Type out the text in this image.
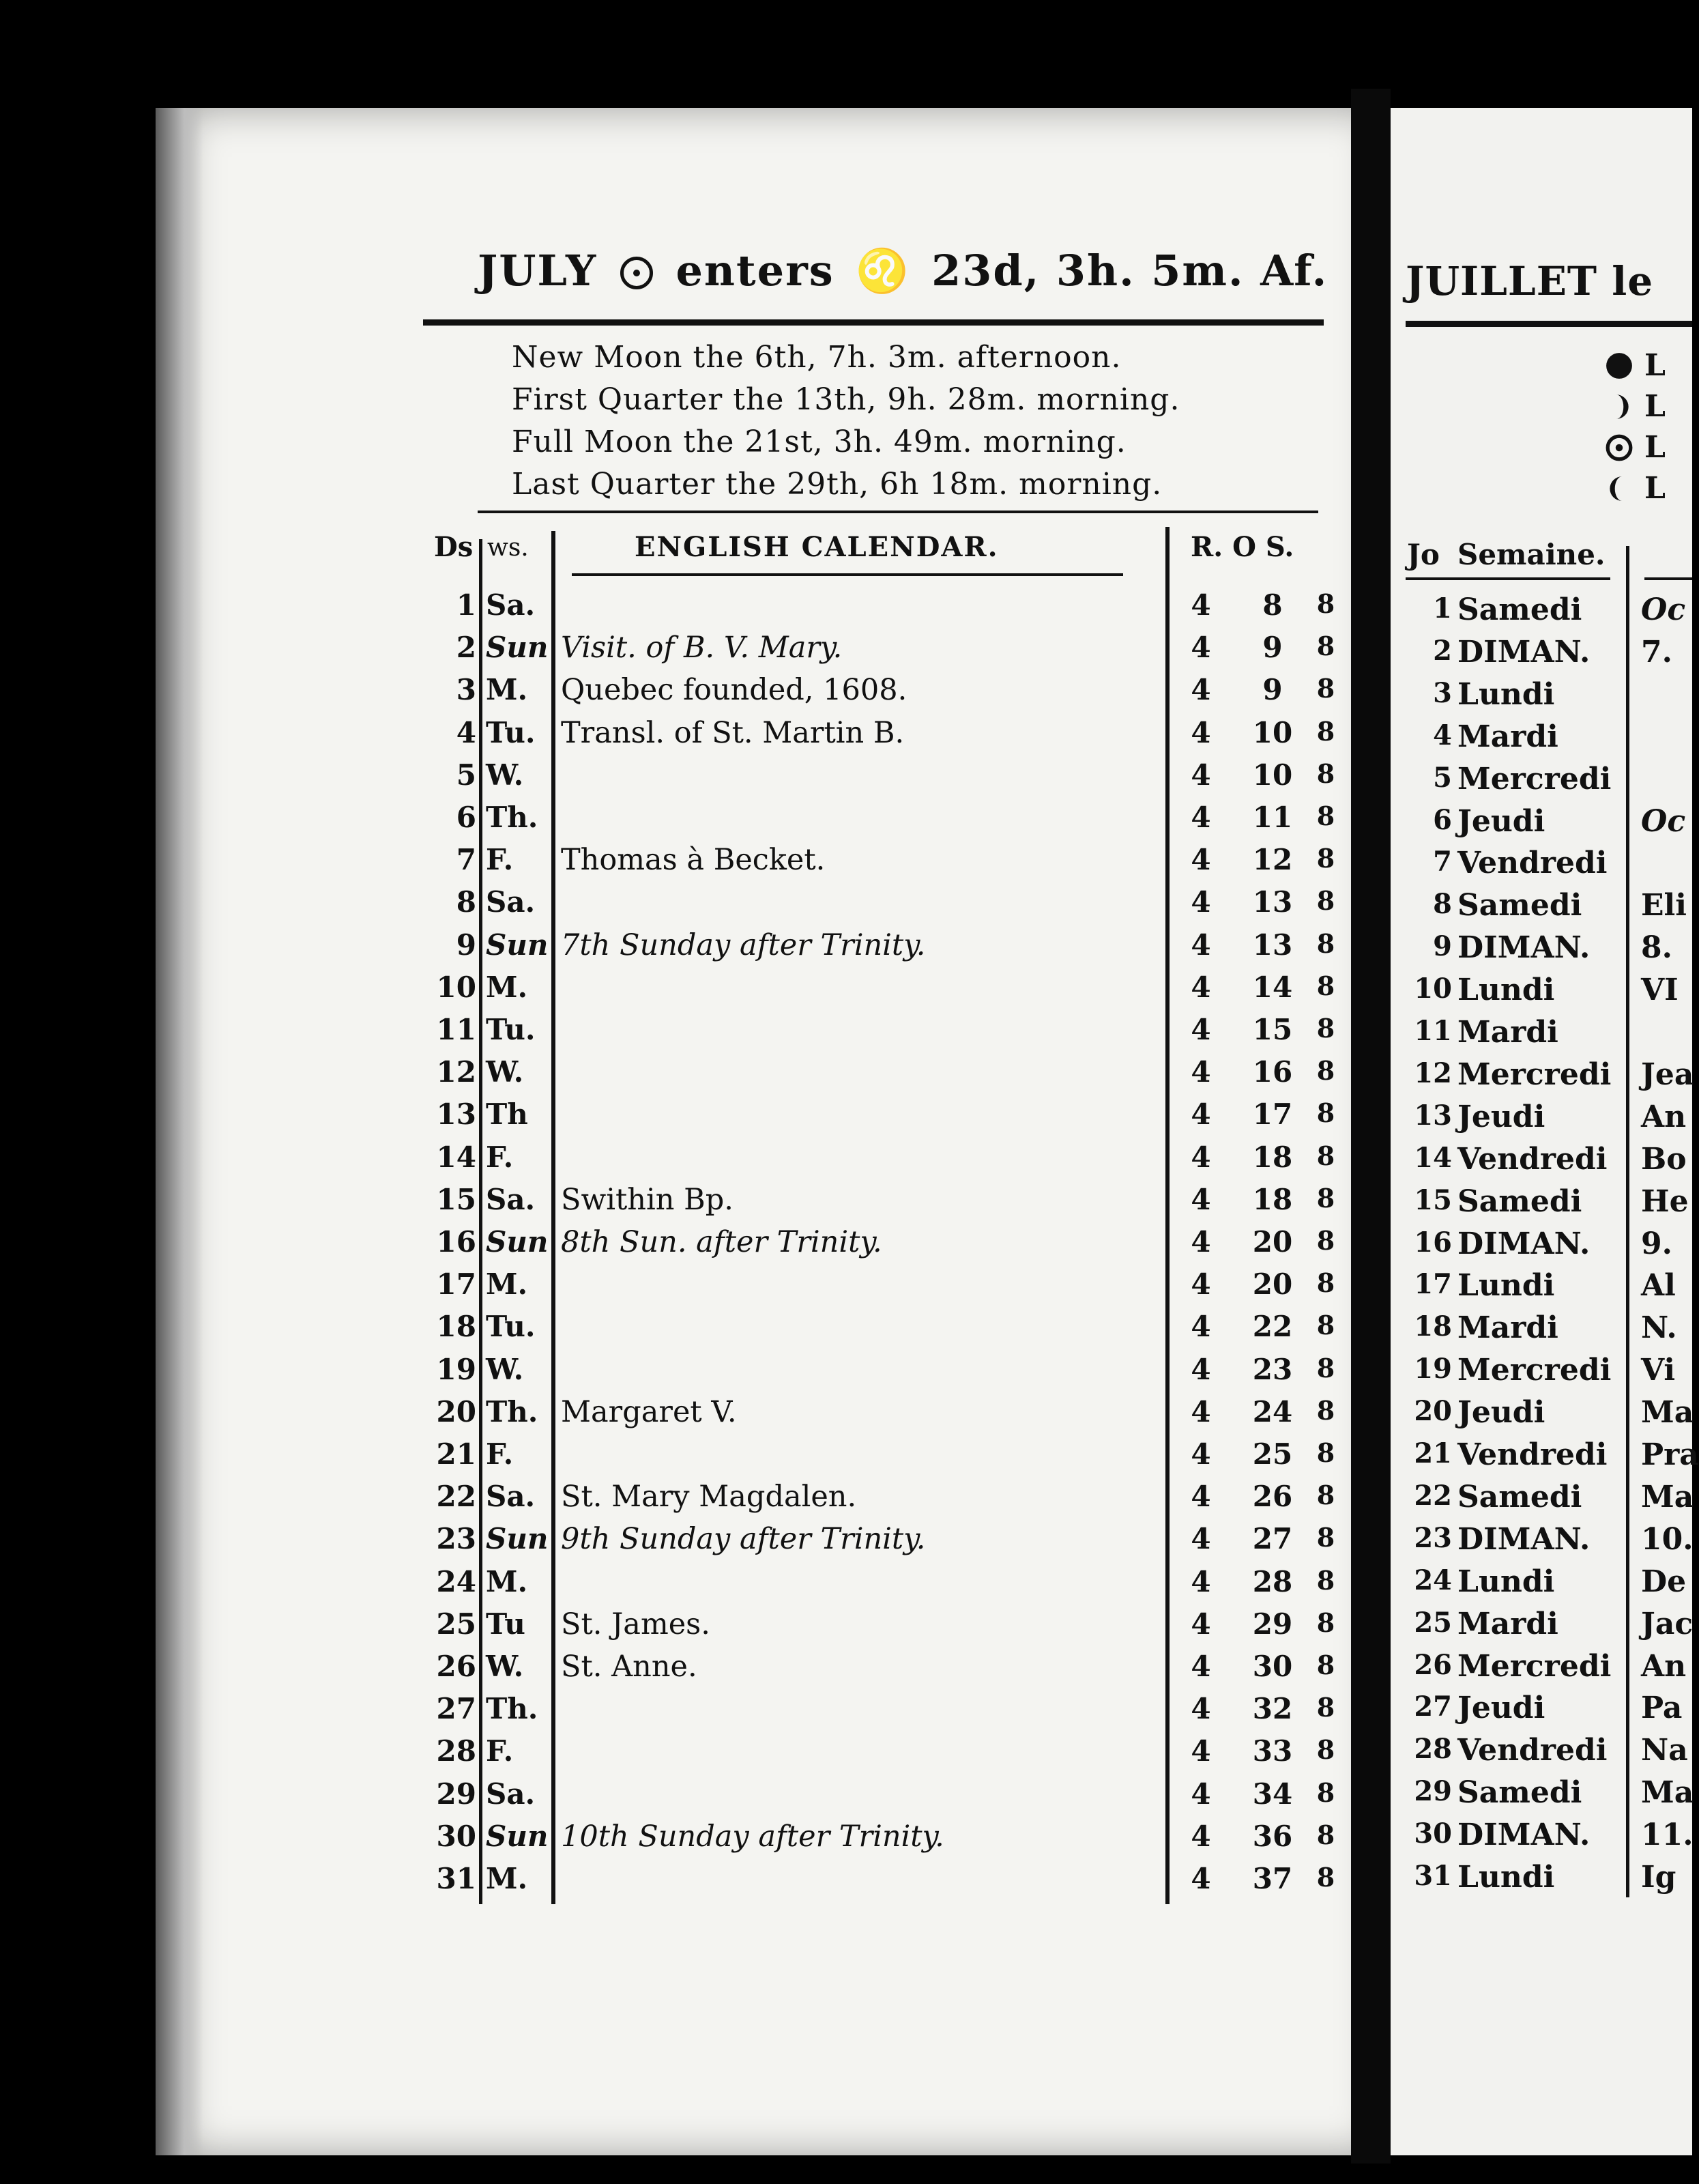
JULY enters ♌ 23d, 3h. 5m. Af.
New Moon the 6th, 7h. 3m. afternoon.
First Quarter the 13th, 9h. 28m. morning.
Full Moon the 21st, 3h. 49m. morning.
Last Quarter the 29th, 6h 18m. morning.
Ds ws.	ENGLISH CALENDAR.	R. O S.
1 Sa.	4	8	8
2 Sun Visit. of B. V. Mary.	4	9	8
3 M. Quebec founded, 1608.	4	9	8
4 Tu. Transl. of St. Martin B.	4 10 8
5 W.	4 10 8
6 Th.	4 11 8
7 F. Thomas à Becket.	4 12 8
8 Sa.	4 13 8
9 Sun 7th Sunday after Trinity.	4 13 8
10 M.	4 14 8
11 Tu.	4 15 8
12 W.	4 16 8
13 Th	4 17 8
14 F.	4 18 8
15 Sa. Swithin Bp.	4 18 8
16 Sun 8th Sun. after Trinity.	4 20 8
17 M.	4 20 8
18 Tu.	4 22 8
19 W.	4 23 8
20 Th. Margaret V.	4 24 8
21 F.	4 25 8
22 Sa. St. Mary Magdalen.	4 26 8
23 Sun 9th Sunday after Trinity.	4 27 8
24 M.	4 28 8
25 Tu St. James.	4 29 8
26 W. St. Anne.	4 30 8
27 Th.	4 32 8
28 F.	4 33 8
29 Sa.	4 34 8
30 Sun 10th Sunday after Trinity.	4 36 8
31 M.	4 37 8
JUILLET le
L
L
L
L
Jo Semaine.
1 Samedi Oc
2 DIMAN. 7.
3 Lundi
4 Mardi
5 Mercredi
6 Jeudi	Oc
7 Vendredi
8 Samedi Eli
9 DIMAN. 8.
10 Lundi	VI
11 Mardi
12 Mercredi Jea
13 Jeudi	An
14 Vendredi Bo
15 Samedi He
16 DIMAN. 9.
17 Lundi	Al
18 Mardi	N.
19 Mercredi Vi
20 Jeudi	Ma
21 Vendredi Pra
22 Samedi Ma
23 DIMAN. 10.
24 Lundi	De
25 Mardi	Jac
26 Mercredi An
27 Jeudi	Pa
28 Vendredi Na
29 Samedi Ma
30 DIMAN. 11.
31 Lundi	Ig
